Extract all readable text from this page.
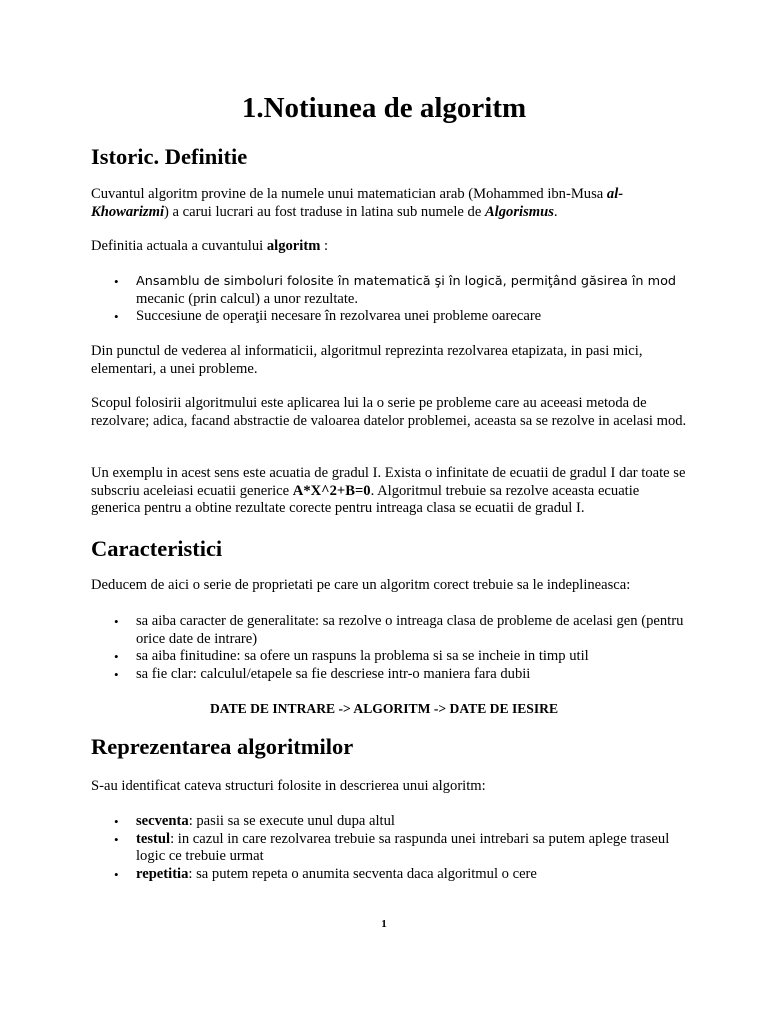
1.Notiunea de algoritm
Istoric. Definitie

Cuvantul algoritm provine de la numele unui matematician arab (Mohammed ibn-Musa al-Khowarizmi) a carui lucrari au fost traduse in latina sub numele de Algorismus.

Definitia actuala a cuvantului algoritm :

• Ansamblu de simboluri folosite în matematică şi în logică, permiţând găsirea în mod mecanic (prin calcul) a unor rezultate.
• Succesiune de operaţii necesare în rezolvarea unei probleme oarecare

Din punctul de vederea al informaticii, algoritmul reprezinta rezolvarea etapizata, in pasi mici, elementari, a unei probleme.

Scopul folosirii algoritmului este aplicarea lui la o serie pe probleme care au aceeasi metoda de rezolvare; adica, facand abstractie de valoarea datelor problemei, aceasta sa se rezolve in acelasi mod.

Un exemplu in acest sens este acuatia de gradul I. Exista o infinitate de ecuatii de gradul I dar toate se subscriu aceleiasi ecuatii generice A*X^2+B=0. Algoritmul trebuie sa rezolve aceasta ecuatie generica pentru a obtine rezultate corecte pentru intreaga clasa se ecuatii de gradul I.

Caracteristici

Deducem de aici o serie de proprietati pe care un algoritm corect trebuie sa le indeplineasca:

• sa aiba caracter de generalitate: sa rezolve o intreaga clasa de probleme de acelasi gen (pentru orice date de intrare)
• sa aiba finitudine: sa ofere un raspuns la problema si sa se incheie in timp util
• sa fie clar: calculul/etapele sa fie descriese intr-o maniera fara dubii

DATE DE INTRARE -> ALGORITM -> DATE DE IESIRE

Reprezentarea algoritmilor

S-au identificat cateva structuri folosite in descrierea unui algoritm:

• secventa: pasii sa se execute unul dupa altul
• testul: in cazul in care rezolvarea trebuie sa raspunda unei intrebari sa putem aplege traseul logic ce trebuie urmat
• repetitia: sa putem repeta o anumita secventa daca algoritmul o cere
1
